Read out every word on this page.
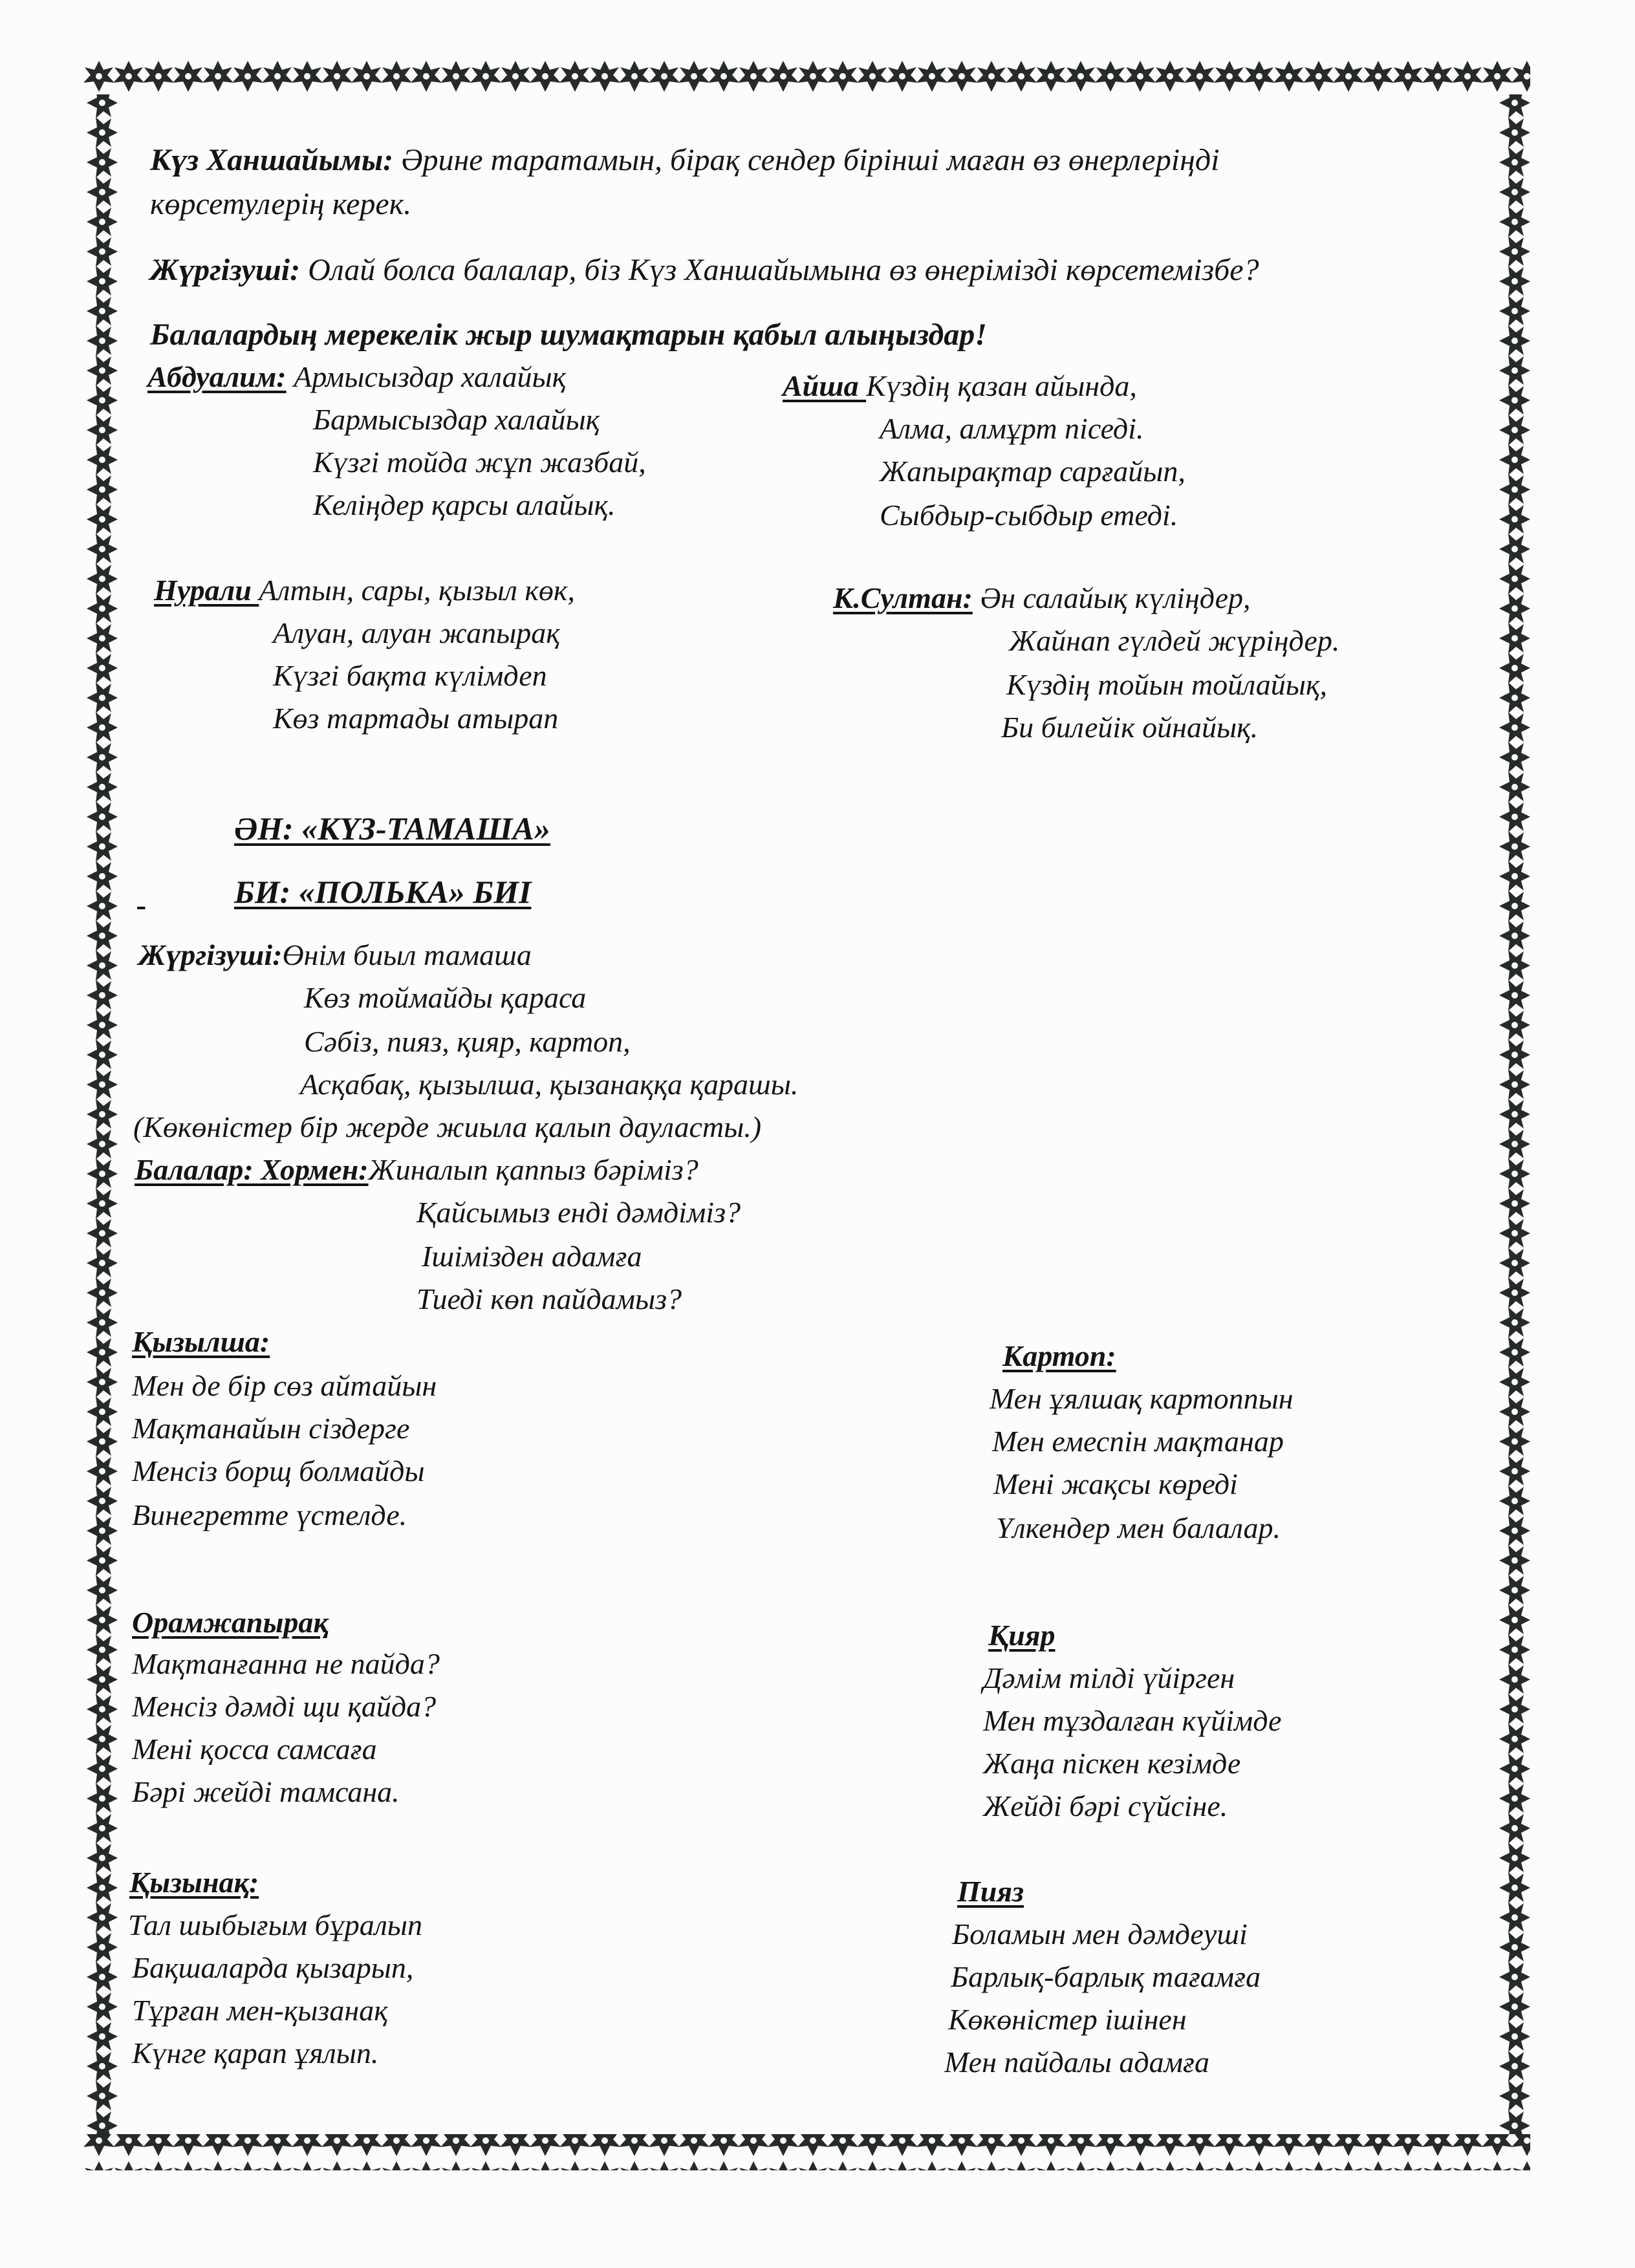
Күз Ханшайымы: Әрине таратамын, бірақ сендер бірінші маған өз өнерлеріңді
көрсетулерің керек.
Жүргізуші: Олай болса балалар, біз Күз Ханшайымына өз өнерімізді көрсетемізбе?
Балалардың мерекелік жыр шумақтарын қабыл алыңыздар!
Абдуалим: Армысыздар халайық
Бармысыздар халайық
Күзгі тойда жұп жазбай,
Келіңдер қарсы алайық.
Айша Күздің қазан айында,
Алма, алмұрт піседі.
Жапырақтар сарғайып,
Сыбдыр-сыбдыр етеді.
Нурали Алтын, сары, қызыл көк,
Алуан, алуан жапырақ
Күзгі бақта күлімдеп
Көз тартады атырап
К.Султан: Ән салайық күліңдер,
Жайнап гүлдей жүріңдер.
Күздің тойын тойлайық,
Би билейік ойнайық.
ӘН: «КҮЗ-ТАМАША»
БИ: «ПОЛЬКА» БИІ
Жүргізуші:Өнім биыл тамаша
Көз тоймайды қараса
Сәбіз, пияз, қияр, картоп,
Асқабақ, қызылша, қызанаққа қарашы.
(Көкөністер бір жерде жиыла қалып дауласты.)
Балалар: Хормен:Жиналып қаппыз бәріміз?
Қайсымыз енді дәмдіміз?
Ішімізден адамға
Тиеді көп пайдамыз?
Қызылша:
Мен де бір сөз айтайын
Мақтанайын сіздерге
Менсіз борщ болмайды
Винегретте үстелде.
Картоп:
Мен ұялшақ картоппын
Мен емеспін мақтанар
Мені жақсы көреді
Үлкендер мен балалар.
Орамжапырақ
Мақтанғанна не пайда?
Менсіз дәмді щи қайда?
Мені қосса самсаға
Бәрі жейді тамсана.
Қияр
Дәмім тілді үйірген
Мен тұздалған күйімде
Жаңа піскен кезімде
Жейді бәрі сүйсіне.
Қызынақ:
Тал шыбығым бұралып
Бақшаларда қызарып,
Тұрған мен-қызанақ
Күнге қарап ұялып.
Пияз
Боламын мен дәмдеуші
Барлық-барлық тағамға
Көкөністер ішінен
Мен пайдалы адамға
